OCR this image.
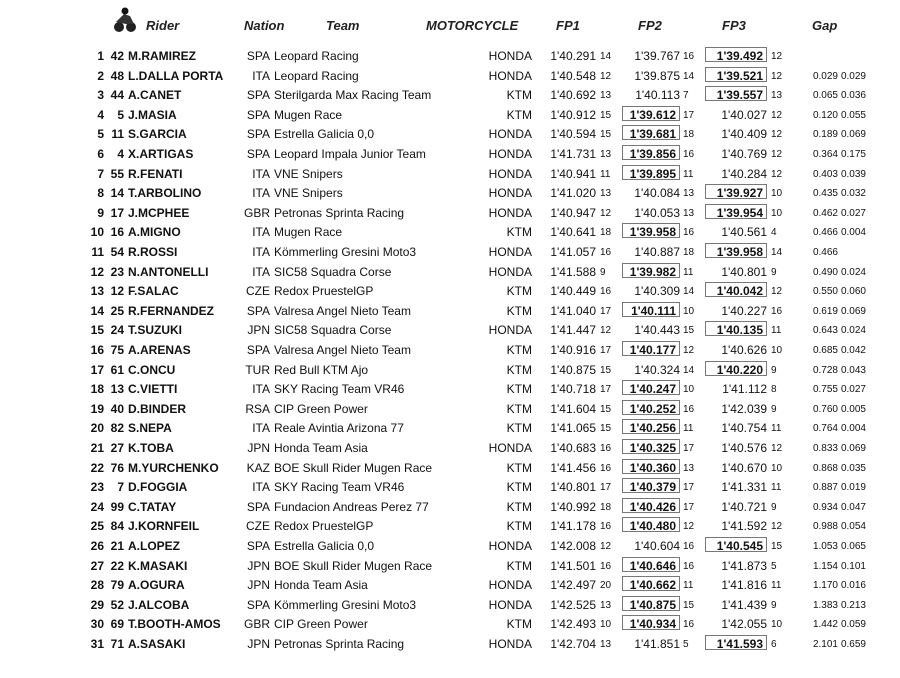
Rider	Nation	Team	MOTORCYCLE	FP1	FP2	FP3	Gap
1 42 M.RAMIREZ	SPA Leopard Racing	HONDA	1'40.291 14	1'39.767 16	1'39.492 12
2 48 L.DALLA PORTA	ITA Leopard Racing	HONDA	1'40.548 12	1'39.875 14	1'39.521 12	0.029 0.029
3 44 A.CANET	SPA Sterilgarda Max Racing Team	KTM	1'40.692 13	1'40.113 7	1'39.557 13	0.065 0.036
4	5 J.MASIA	SPA Mugen Race	KTM	1'40.912 15	1'39.612 17	1'40.027 12	0.120 0.055
5 11 S.GARCIA	SPA Estrella Galicia 0,0	HONDA	1'40.594 15	1'39.681 18	1'40.409 12	0.189 0.069
6	4 X.ARTIGAS	SPA Leopard Impala Junior Team	HONDA	1'41.731 13	1'39.856 16	1'40.769 12	0.364 0.175
7 55 R.FENATI	ITA VNE Snipers	HONDA	1'40.941 11	1'39.895 11	1'40.284 12	0.403 0.039
8 14 T.ARBOLINO	ITA VNE Snipers	HONDA	1'41.020 13	1'40.084 13	1'39.927 10	0.435 0.032
9 17 J.MCPHEE	GBR Petronas Sprinta Racing	HONDA	1'40.947 12	1'40.053 13	1'39.954 10	0.462 0.027
10 16 A.MIGNO	ITA Mugen Race	KTM	1'40.641 18	1'39.958 16	1'40.561 4	0.466 0.004
11 54 R.ROSSI	ITA Kömmerling Gresini Moto3	HONDA	1'41.057 16	1'40.887 18	1'39.958 14	0.466
12 23 N.ANTONELLI	ITA SIC58 Squadra Corse	HONDA	1'41.588 9	1'39.982 11	1'40.801 9	0.490 0.024
13 12 F.SALAC	CZE Redox PruestelGP	KTM	1'40.449 16	1'40.309 14	1'40.042 12	0.550 0.060
14 25 R.FERNANDEZ	SPA Valresa Angel Nieto Team	KTM	1'41.040 17	1'40.111 10	1'40.227 16	0.619 0.069
15 24 T.SUZUKI	JPN SIC58 Squadra Corse	HONDA	1'41.447 12	1'40.443 15	1'40.135 11	0.643 0.024
16 75 A.ARENAS	SPA Valresa Angel Nieto Team	KTM	1'40.916 17	1'40.177 12	1'40.626 10	0.685 0.042
17 61 C.ONCU	TUR Red Bull KTM Ajo	KTM	1'40.875 15	1'40.324 14	1'40.220 9	0.728 0.043
18 13 C.VIETTI	ITA SKY Racing Team VR46	KTM	1'40.718 17	1'40.247 10	1'41.112 8	0.755 0.027
19 40 D.BINDER	RSA CIP Green Power	KTM	1'41.604 15	1'40.252 16	1'42.039 9	0.760 0.005
20 82 S.NEPA	ITA Reale Avintia Arizona 77	KTM	1'41.065 15	1'40.256 11	1'40.754 11	0.764 0.004
21 27 K.TOBA	JPN Honda Team Asia	HONDA	1'40.683 16	1'40.325 17	1'40.576 12	0.833 0.069
22 76 M.YURCHENKO	KAZ BOE Skull Rider Mugen Race	KTM	1'41.456 16	1'40.360 13	1'40.670 10	0.868 0.035
23	7 D.FOGGIA	ITA SKY Racing Team VR46	KTM	1'40.801 17	1'40.379 17	1'41.331 11	0.887 0.019
24 99 C.TATAY	SPA Fundacion Andreas Perez 77	KTM	1'40.992 18	1'40.426 17	1'40.721 9	0.934 0.047
25 84 J.KORNFEIL	CZE Redox PruestelGP	KTM	1'41.178 16	1'40.480 12	1'41.592 12	0.988 0.054
26 21 A.LOPEZ	SPA Estrella Galicia 0,0	HONDA	1'42.008 12	1'40.604 16	1'40.545 15	1.053 0.065
27 22 K.MASAKI	JPN BOE Skull Rider Mugen Race	KTM	1'41.501 16	1'40.646 16	1'41.873 5	1.154 0.101
28 79 A.OGURA	JPN Honda Team Asia	HONDA	1'42.497 20	1'40.662 11	1'41.816 11	1.170 0.016
29 52 J.ALCOBA	SPA Kömmerling Gresini Moto3	HONDA	1'42.525 13	1'40.875 15	1'41.439 9	1.383 0.213
30 69 T.BOOTH-AMOS	GBR CIP Green Power	KTM	1'42.493 10	1'40.934 16	1'42.055 10	1.442 0.059
31 71 A.SASAKI	JPN Petronas Sprinta Racing	HONDA	1'42.704 13	1'41.851 5	1'41.593 6	2.101 0.659
